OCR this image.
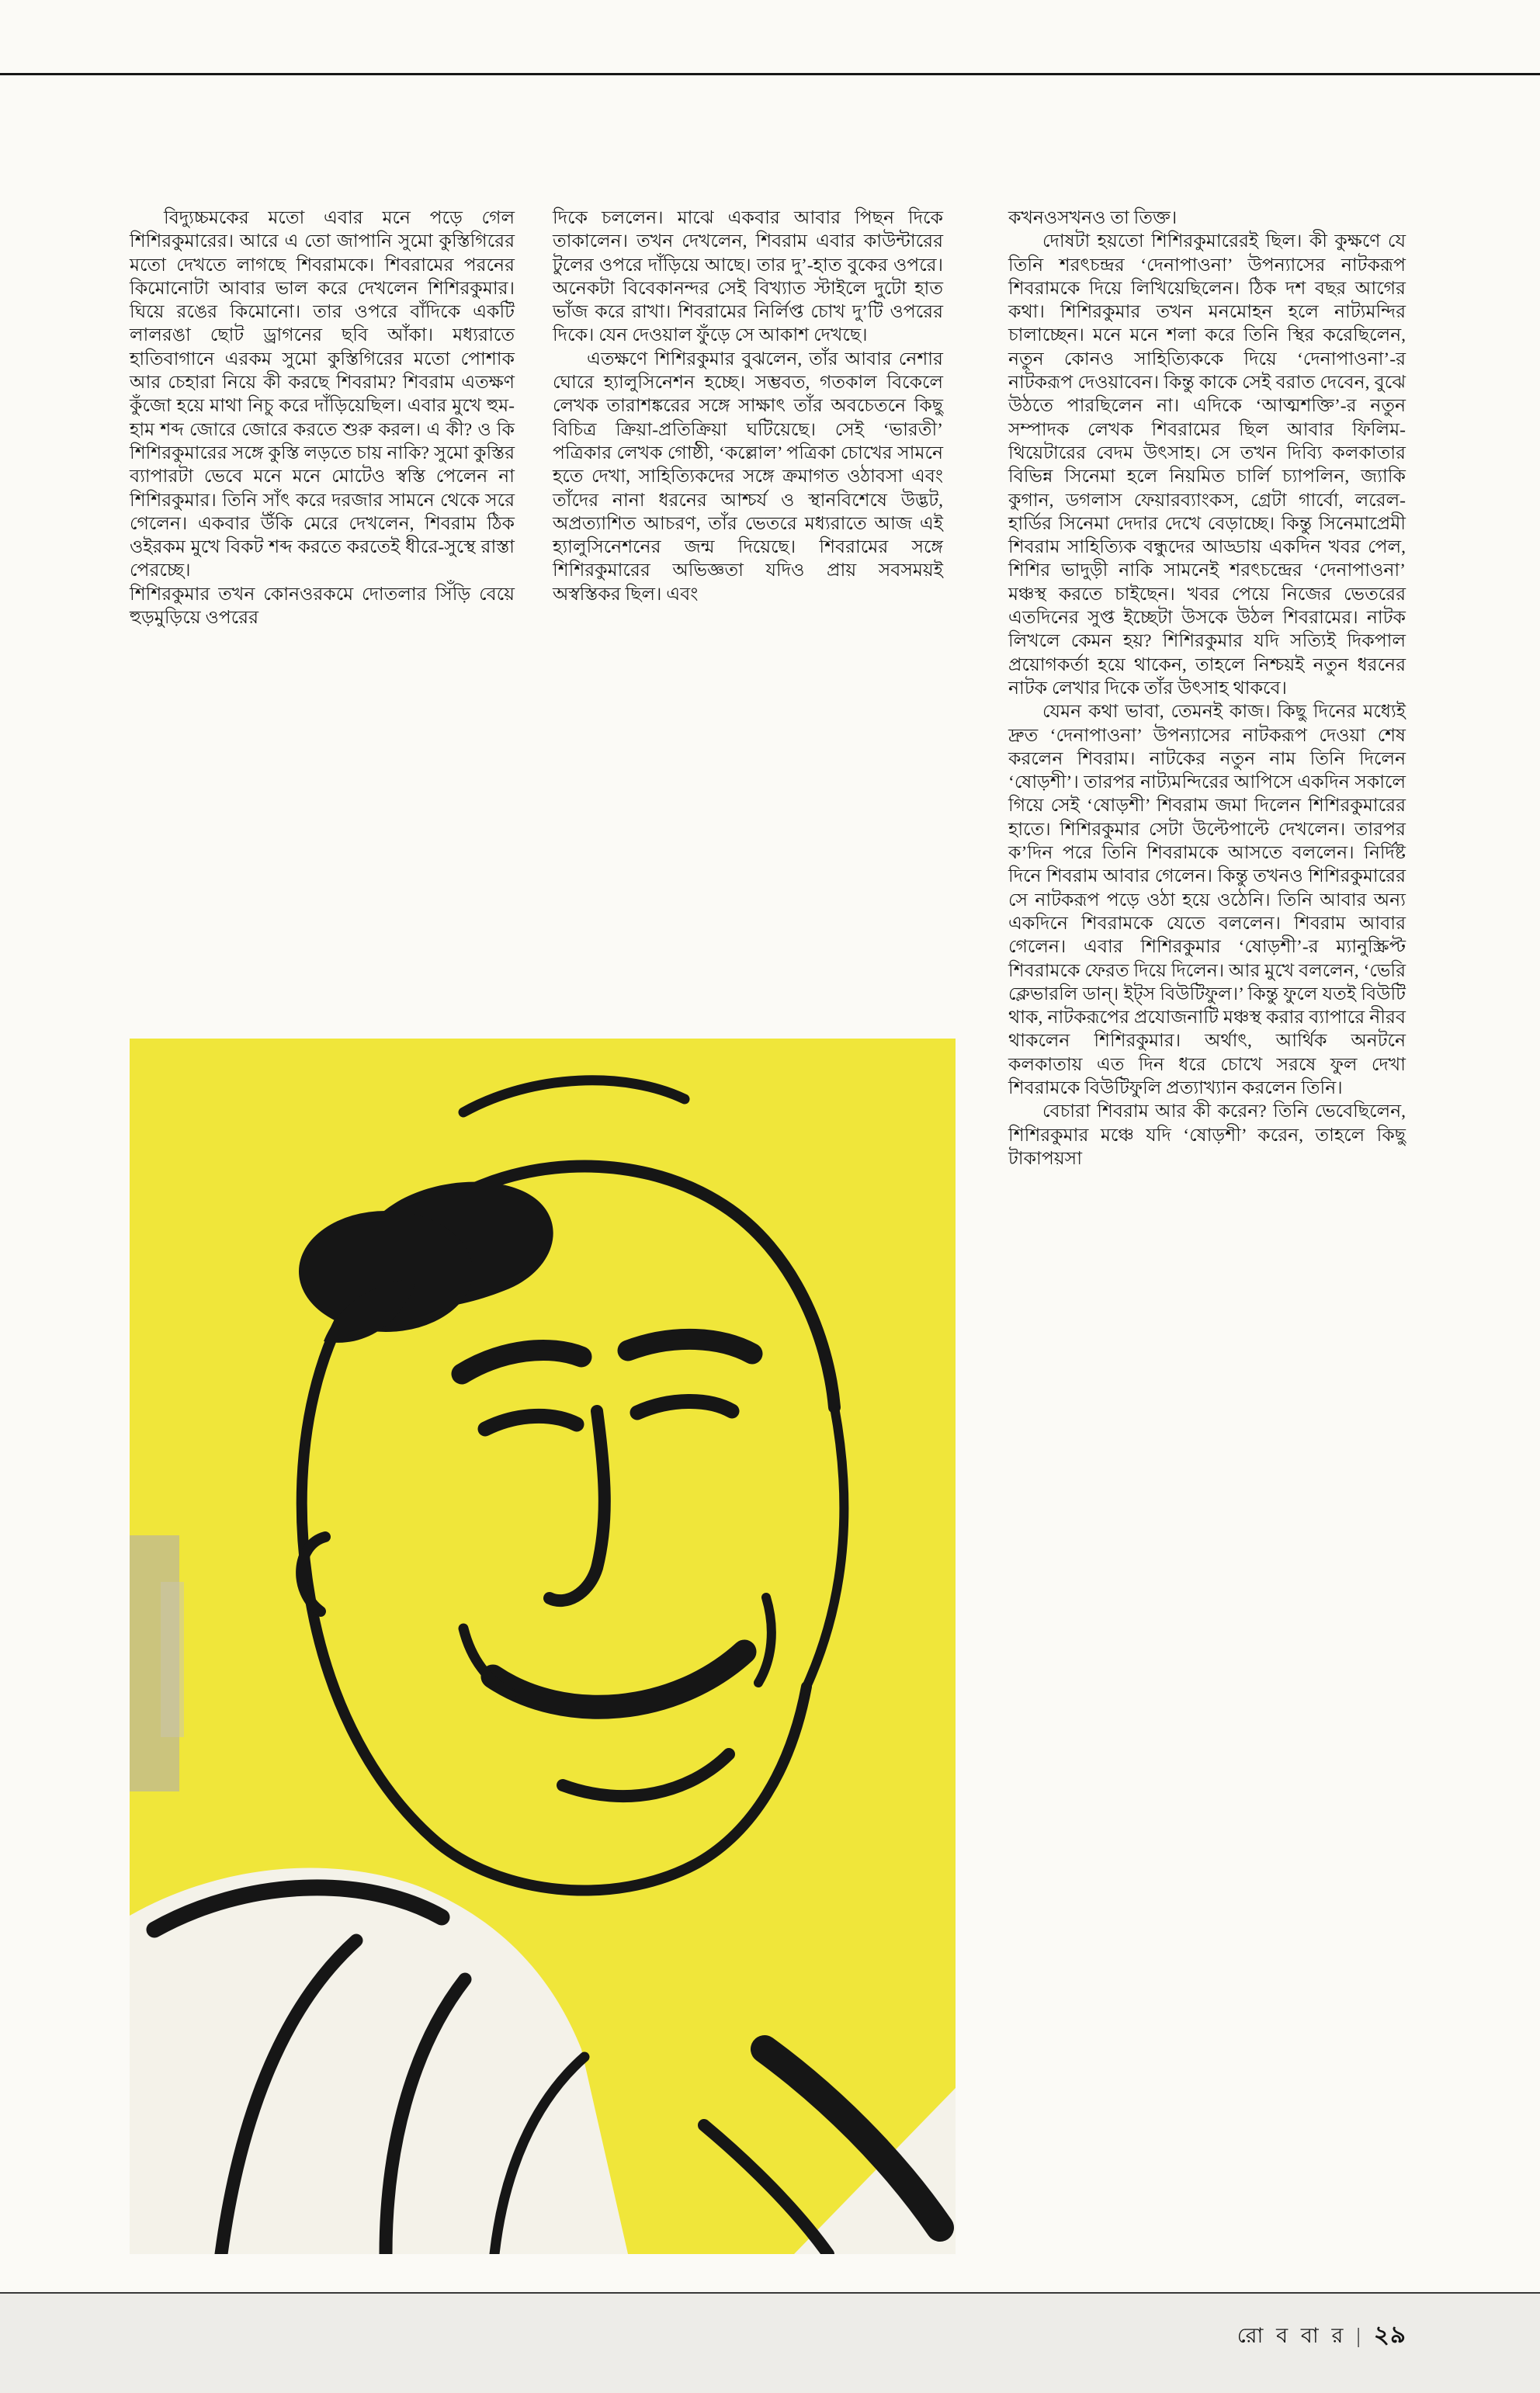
বিদ্যুচ্চমকের মতো এবার মনে পড়ে গেল শিশিরকুমারের। আরে এ তো জাপানি সুমো কুস্তিগিরের মতো দেখতে লাগছে শিবরামকে। শিবরামের পরনের কিমোনোটা আবার ভাল করে দেখলেন শিশিরকুমার। ঘিয়ে রঙের কিমোনো। তার ওপরে বাঁদিকে একটি লালরঙা ছোট ড্রাগনের ছবি আঁকা। মধ্যরাতে হাতিবাগানে এরকম সুমো কুস্তিগিরের মতো পোশাক আর চেহারা নিয়ে কী করছে শিবরাম? শিবরাম এতক্ষণ কুঁজো হয়ে মাথা নিচু করে দাঁড়িয়েছিল। এবার মুখে হুম-হাম শব্দ জোরে জোরে করতে শুরু করল। এ কী? ও কি শিশিরকুমারের সঙ্গে কুস্তি লড়তে চায় নাকি? সুমো কুস্তির ব্যাপারটা ভেবে মনে মনে মোটেও স্বস্তি পেলেন না শিশিরকুমার। তিনি সাঁৎ করে দরজার সামনে থেকে সরে গেলেন। একবার উঁকি মেরে দেখলেন, শিবরাম ঠিক ওইরকম মুখে বিকট শব্দ করতে করতেই ধীরে-সুস্থে রাস্তা পেরচ্ছে।

শিশিরকুমার তখন কোনওরকমে দোতলার সিঁড়ি বেয়ে হুড়মুড়িয়ে ওপরের

দিকে চললেন। মাঝে একবার আবার পিছন দিকে তাকালেন। তখন দেখলেন, শিবরাম এবার কাউন্টারের টুলের ওপরে দাঁড়িয়ে আছে। তার দু’-হাত বুকের ওপরে। অনেকটা বিবেকানন্দর সেই বিখ্যাত স্টাইলে দুটো হাত ভাঁজ করে রাখা। শিবরামের নির্লিপ্ত চোখ দু’টি ওপরের দিকে। যেন দেওয়াল ফুঁড়ে সে আকাশ দেখছে।

এতক্ষণে শিশিরকুমার বুঝলেন, তাঁর আবার নেশার ঘোরে হ্যালুসিনেশন হচ্ছে। সম্ভবত, গতকাল বিকেলে লেখক তারাশঙ্করের সঙ্গে সাক্ষাৎ তাঁর অবচেতনে কিছু বিচিত্র ক্রিয়া-প্রতিক্রিয়া ঘটিয়েছে। সেই ‘ভারতী’ পত্রিকার লেখক গোষ্ঠী, ‘কল্লোল’ পত্রিকা চোখের সামনে হতে দেখা, সাহিত্যিকদের সঙ্গে ক্রমাগত ওঠাবসা এবং তাঁদের নানা ধরনের আশ্চর্য ও স্থানবিশেষে উদ্ভট, অপ্রত্যাশিত আচরণ, তাঁর ভেতরে মধ্যরাতে আজ এই হ্যালুসিনেশনের জন্ম দিয়েছে। শিবরামের সঙ্গে শিশিরকুমারের অভিজ্ঞতা যদিও প্রায় সবসময়ই অস্বস্তিকর ছিল। এবং

কখনওসখনও তা তিক্ত।

দোষটা হয়তো শিশিরকুমারেরই ছিল। কী কুক্ষণে যে তিনি শরৎচন্দ্রর ‘দেনাপাওনা’ উপন্যাসের নাটকরূপ শিবরামকে দিয়ে লিখিয়েছিলেন। ঠিক দশ বছর আগের কথা। শিশিরকুমার তখন মনমোহন হলে নাট্যমন্দির চালাচ্ছেন। মনে মনে শলা করে তিনি স্থির করেছিলেন, নতুন কোনও সাহিত্যিককে দিয়ে ‘দেনাপাওনা’-র নাটকরূপ দেওয়াবেন। কিন্তু কাকে সেই বরাত দেবেন, বুঝে উঠতে পারছিলেন না। এদিকে ‘আত্মশক্তি’-র নতুন সম্পাদক লেখক শিবরামের ছিল আবার ফিলিম-থিয়েটারের বেদম উৎসাহ। সে তখন দিব্যি কলকাতার বিভিন্ন সিনেমা হলে নিয়মিত চার্লি চ্যাপলিন, জ্যাকি কুগান, ডগলাস ফেয়ারব্যাংকস, গ্রেটা গার্বো, লরেল-হার্ডির সিনেমা দেদার দেখে বেড়াচ্ছে। কিন্তু সিনেমাপ্রেমী শিবরাম সাহিত্যিক বন্ধুদের আড্ডায় একদিন খবর পেল, শিশির ভাদুড়ী নাকি সামনেই শরৎচন্দ্রের ‘দেনাপাওনা’ মঞ্চস্থ করতে চাইছেন। খবর পেয়ে নিজের ভেতরের এতদিনের সুপ্ত ইচ্ছেটা উসকে উঠল শিবরামের। নাটক লিখলে কেমন হয়? শিশিরকুমার যদি সত্যিই দিকপাল প্রয়োগকর্তা হয়ে থাকেন, তাহলে নিশ্চয়ই নতুন ধরনের নাটক লেখার দিকে তাঁর উৎসাহ থাকবে।

যেমন কথা ভাবা, তেমনই কাজ। কিছু দিনের মধ্যেই দ্রুত ‘দেনাপাওনা’ উপন্যাসের নাটকরূপ দেওয়া শেষ করলেন শিবরাম। নাটকের নতুন নাম তিনি দিলেন ‘ষোড়শী’। তারপর নাট্যমন্দিরের আপিসে একদিন সকালে গিয়ে সেই ‘ষোড়শী’ শিবরাম জমা দিলেন শিশিরকুমারের হাতে। শিশিরকুমার সেটা উল্টেপাল্টে দেখলেন। তারপর ক’দিন পরে তিনি শিবরামকে আসতে বললেন। নির্দিষ্ট দিনে শিবরাম আবার গেলেন। কিন্তু তখনও শিশিরকুমারের সে নাটকরূপ পড়ে ওঠা হয়ে ওঠেনি। তিনি আবার অন্য একদিনে শিবরামকে যেতে বললেন। শিবরাম আবার গেলেন। এবার শিশিরকুমার ‘ষোড়শী’-র ম্যানুস্ক্রিপ্ট শিবরামকে ফেরত দিয়ে দিলেন। আর মুখে বললেন, ‘ভেরি ক্লেভারলি ডান্‌। ইট্‌স বিউটিফুল।’ কিন্তু ফুলে যতই বিউটি থাক, নাটকরূপের প্রযোজনাটি মঞ্চস্থ করার ব্যাপারে নীরব থাকলেন শিশিরকুমার। অর্থাৎ, আর্থিক অনটনে কলকাতায় এত দিন ধরে চোখে সরষে ফুল দেখা শিবরামকে বিউটিফুলি প্রত্যাখ্যান করলেন তিনি।

বেচারা শিবরাম আর কী করেন? তিনি ভেবেছিলেন, শিশিরকুমার মঞ্চে যদি ‘ষোড়শী’ করেন, তাহলে কিছু টাকাপয়সা

রো ব বা র | ২৯
